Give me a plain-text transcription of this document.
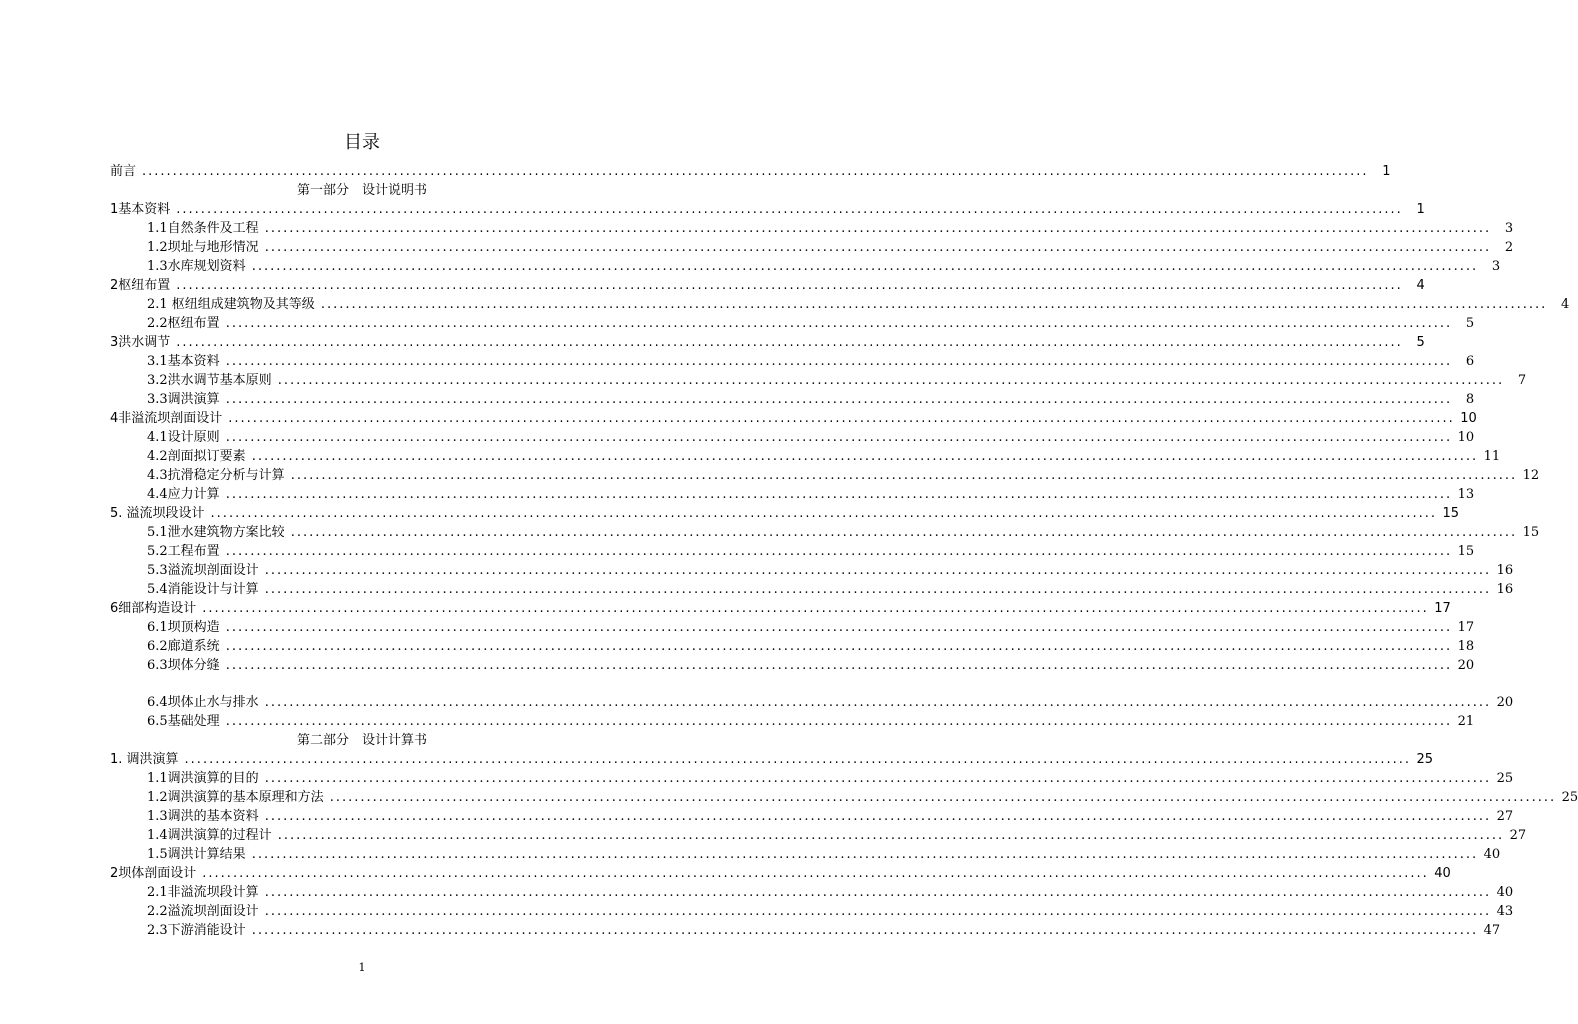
目录
前言 ........................................................................................................................................................................................................	1
第一部分　设计说明书
1基本资料 ........................................................................................................................................................................................................	1
1.1自然条件及工程 ........................................................................................................................................................................................................	3
1.2坝址与地形情况 ........................................................................................................................................................................................................	2
1.3水库规划资料 ........................................................................................................................................................................................................	3
2枢纽布置 ........................................................................................................................................................................................................	4
2.1 枢纽组成建筑物及其等级 ........................................................................................................................................................................................................	4
2.2枢纽布置 ........................................................................................................................................................................................................	5
3洪水调节 ........................................................................................................................................................................................................	5
3.1基本资料 ........................................................................................................................................................................................................	6
3.2洪水调节基本原则 ........................................................................................................................................................................................................	7
3.3调洪演算 ........................................................................................................................................................................................................	8
4非溢流坝剖面设计 ........................................................................................................................................................................................................ 10
4.1设计原则 ........................................................................................................................................................................................................ 10
4.2剖面拟订要素 ........................................................................................................................................................................................................ 11
4.3抗滑稳定分析与计算 ........................................................................................................................................................................................................ 12
4.4应力计算 ........................................................................................................................................................................................................ 13
5. 溢流坝段设计 ........................................................................................................................................................................................................ 15
5.1泄水建筑物方案比较 ........................................................................................................................................................................................................ 15
5.2工程布置 ........................................................................................................................................................................................................ 15
5.3溢流坝剖面设计 ........................................................................................................................................................................................................ 16
5.4消能设计与计算 ........................................................................................................................................................................................................ 16
6细部构造设计 ........................................................................................................................................................................................................ 17
6.1坝顶构造 ........................................................................................................................................................................................................ 17
6.2廊道系统 ........................................................................................................................................................................................................ 18
6.3坝体分缝 ........................................................................................................................................................................................................ 20
6.4坝体止水与排水 ........................................................................................................................................................................................................ 20
6.5基础处理 ........................................................................................................................................................................................................ 21
第二部分　设计计算书
1. 调洪演算 ........................................................................................................................................................................................................ 25
1.1调洪演算的目的 ........................................................................................................................................................................................................ 25
1.2调洪演算的基本原理和方法 ........................................................................................................................................................................................................ 25
1.3调洪的基本资料 ........................................................................................................................................................................................................ 27
1.4调洪演算的过程计 ........................................................................................................................................................................................................ 27
1.5调洪计算结果 ........................................................................................................................................................................................................ 40
2坝体剖面设计 ........................................................................................................................................................................................................ 40
2.1非溢流坝段计算 ........................................................................................................................................................................................................ 40
2.2溢流坝剖面设计 ........................................................................................................................................................................................................ 43
2.3下游消能设计 ........................................................................................................................................................................................................ 47
1
